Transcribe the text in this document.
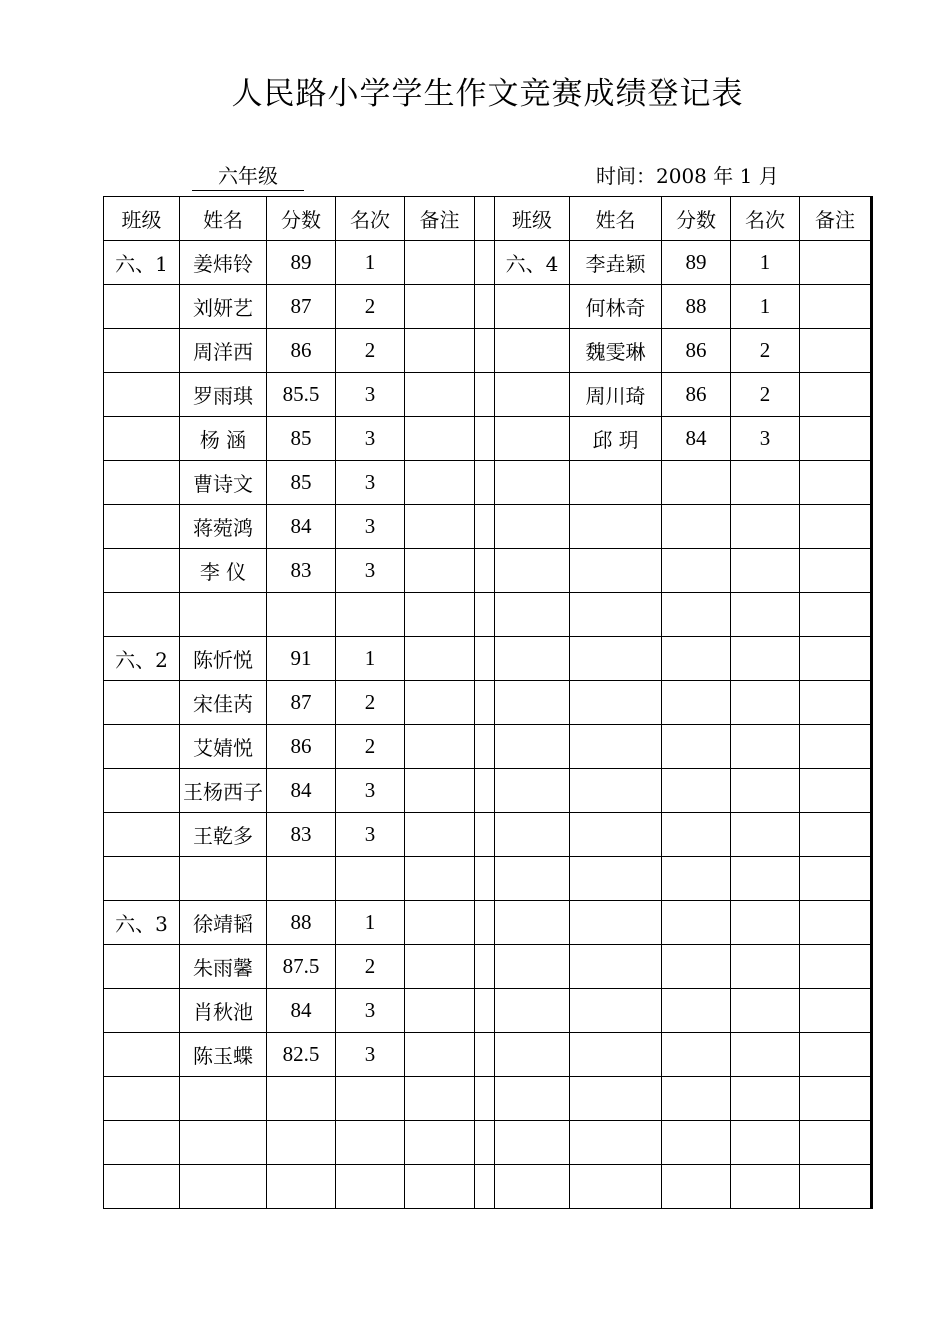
人民路小学学生作文竞赛成绩登记表
六年级	时间：2008 年 1 月
班级	姓名	分数	名次	备注		班级	姓名	分数	名次	备注
六、1	姜炜铃	89	1			六、4	李垚颖	89	1	
	刘妍艺	87	2				何林奇	88	1	
	周洋西	86	2				魏雯琳	86	2	
	罗雨琪	85.5	3				周川琦	86	2	
	杨 涵	85	3				邱 玥	84	3	
	曹诗文	85	3							
	蒋菀鸿	84	3							
	李 仪	83	3							

六、2	陈忻悦	91	1							
	宋佳芮	87	2							
	艾婧悦	86	2							
	王杨西子	84	3							
	王乾多	83	3							

六、3	徐靖韬	88	1							
	朱雨馨	87.5	2							
	肖秋池	84	3							
	陈玉蝶	82.5	3							
